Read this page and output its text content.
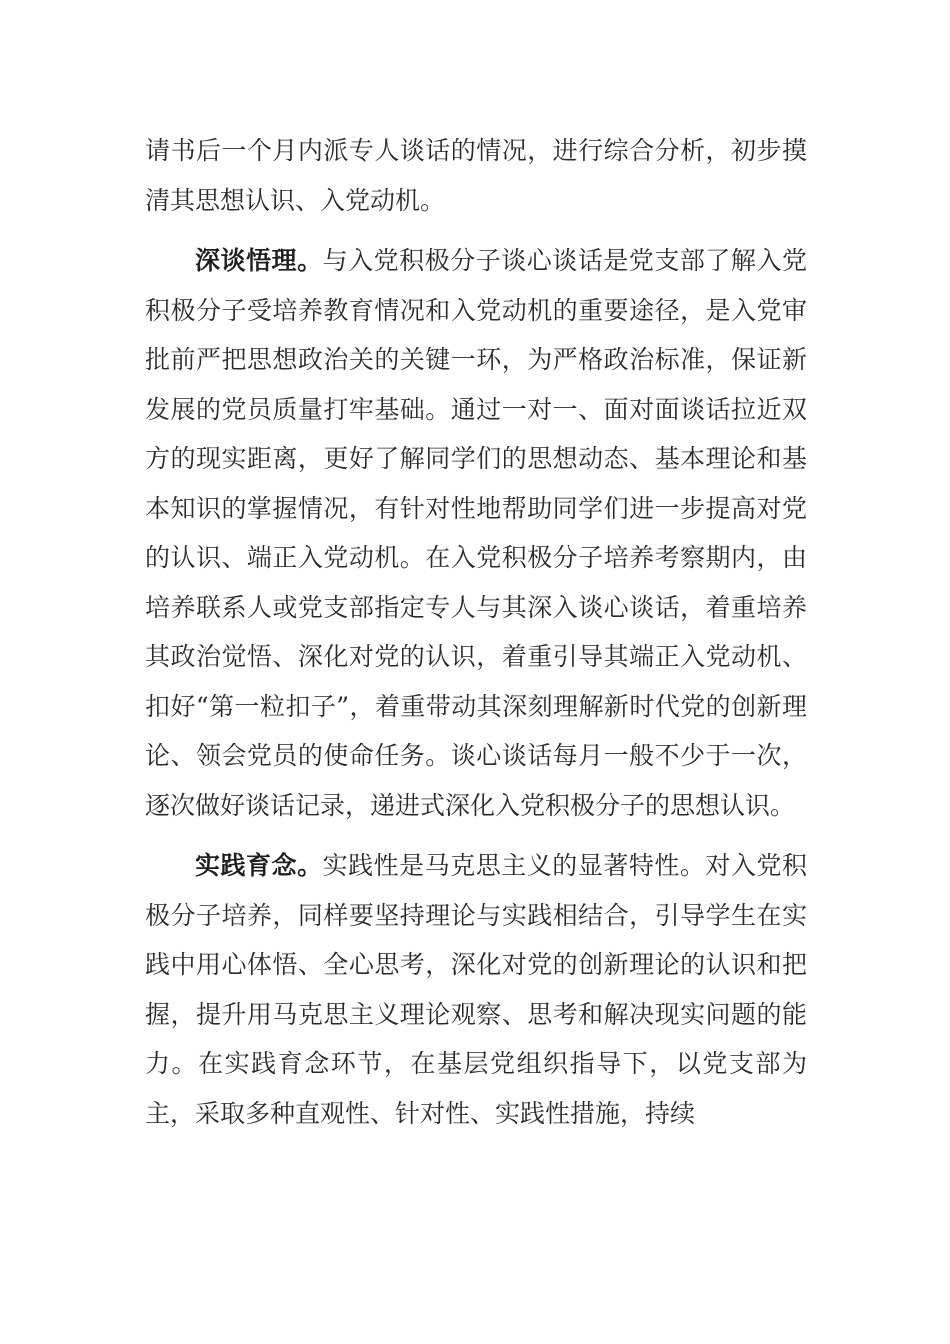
请书后一个月内派专人谈话的情况，进行综合分析，初步摸清其思想认识、入党动机。

深谈悟理。与入党积极分子谈心谈话是党支部了解入党积极分子受培养教育情况和入党动机的重要途径，是入党审批前严把思想政治关的关键一环，为严格政治标准，保证新发展的党员质量打牢基础。通过一对一、面对面谈话拉近双方的现实距离，更好了解同学们的思想动态、基本理论和基本知识的掌握情况，有针对性地帮助同学们进一步提高对党的认识、端正入党动机。在入党积极分子培养考察期内，由培养联系人或党支部指定专人与其深入谈心谈话，着重培养其政治觉悟、深化对党的认识，着重引导其端正入党动机、扣好“第一粒扣子”，着重带动其深刻理解新时代党的创新理论、领会党员的使命任务。谈心谈话每月一般不少于一次，逐次做好谈话记录，递进式深化入党积极分子的思想认识。

实践育念。实践性是马克思主义的显著特性。对入党积极分子培养，同样要坚持理论与实践相结合，引导学生在实践中用心体悟、全心思考，深化对党的创新理论的认识和把握，提升用马克思主义理论观察、思考和解决现实问题的能力。在实践育念环节，在基层党组织指导下，以党支部为主，采取多种直观性、针对性、实践性措施，持续
